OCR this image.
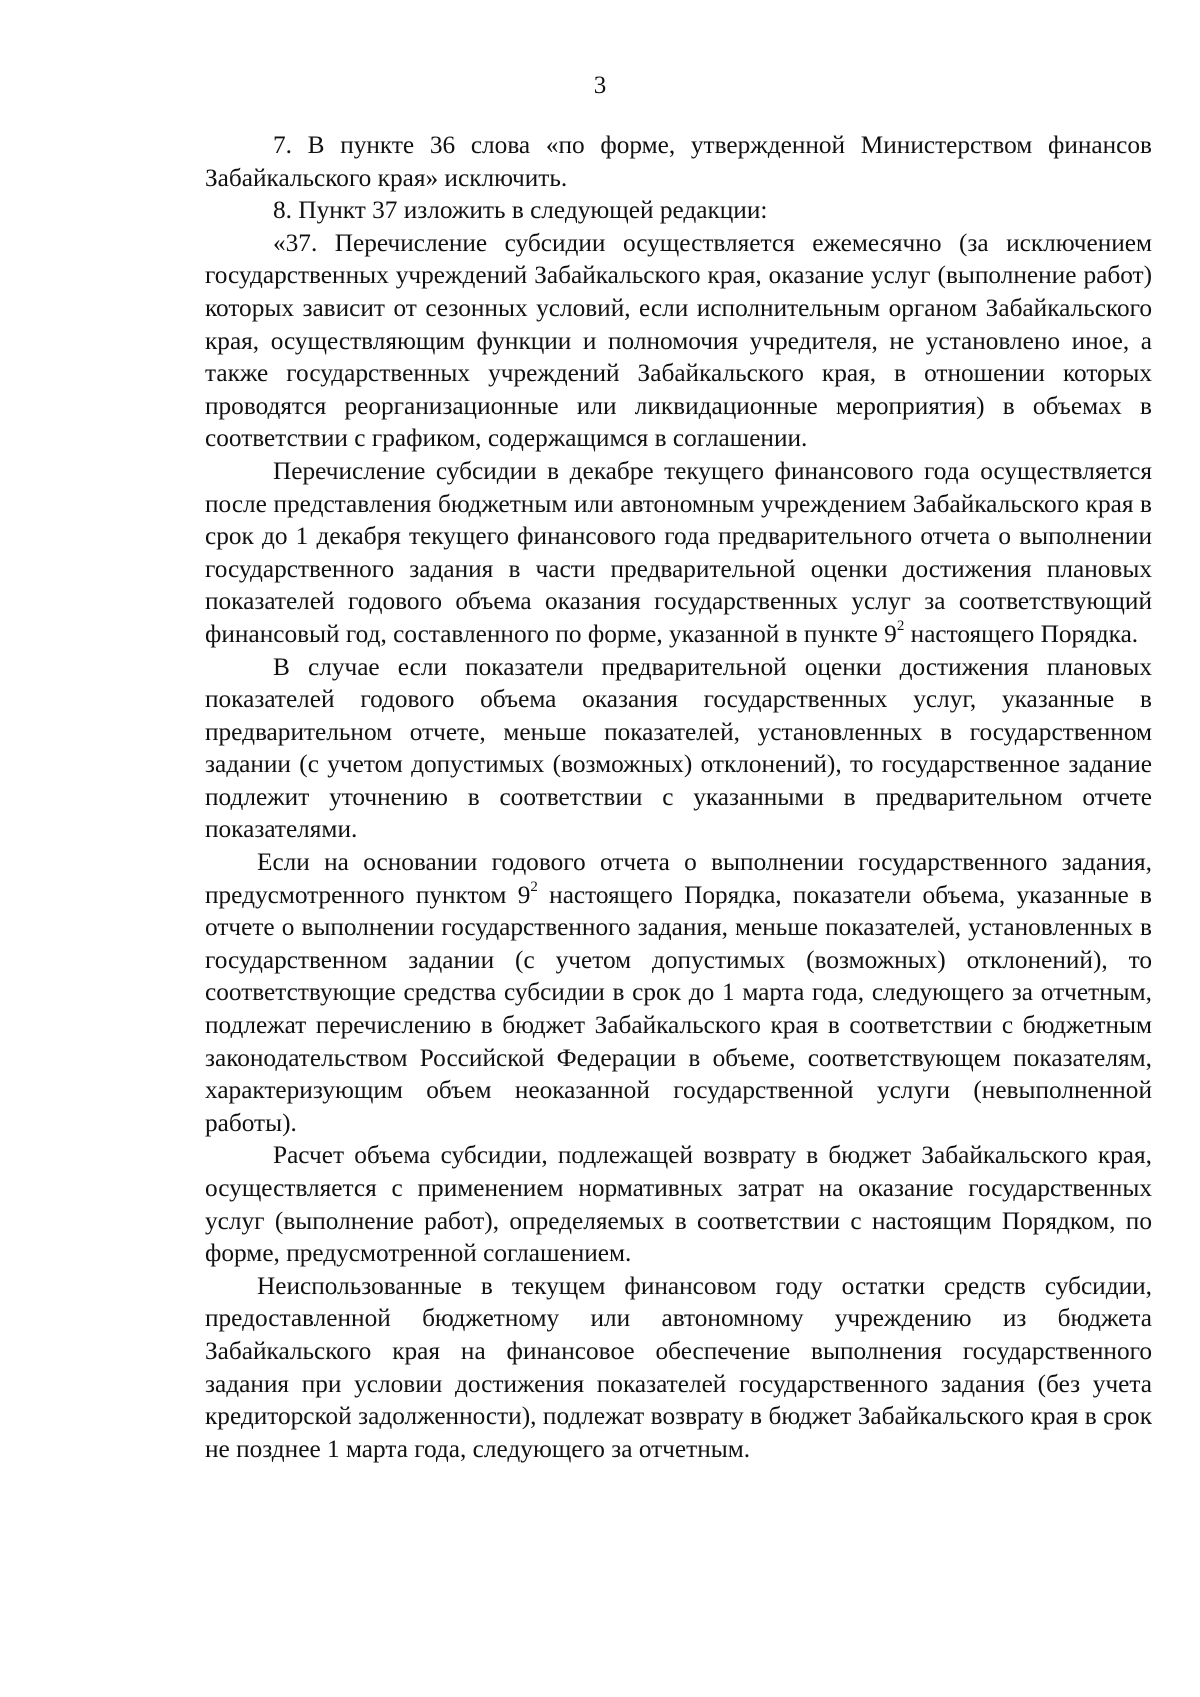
3

7. В пункте 36 слова «по форме, утвержденной Министерством финансов Забайкальского края» исключить.

8. Пункт 37 изложить в следующей редакции:

«37. Перечисление субсидии осуществляется ежемесячно (за исключением государственных учреждений Забайкальского края, оказание услуг (выполнение работ) которых зависит от сезонных условий, если исполнительным органом Забайкальского края, осуществляющим функции и полномочия учредителя, не установлено иное, а также государственных учреждений Забайкальского края, в отношении которых проводятся реорганизационные или ликвидационные мероприятия) в объемах в соответствии с графиком, содержащимся в соглашении.

Перечисление субсидии в декабре текущего финансового года осуществляется после представления бюджетным или автономным учреждением Забайкальского края в срок до 1 декабря текущего финансового года предварительного отчета о выполнении государственного задания в части предварительной оценки достижения плановых показателей годового объема оказания государственных услуг за соответствующий финансовый год, составленного по форме, указанной в пункте $9^2$ настоящего Порядка.

В случае если показатели предварительной оценки достижения плановых показателей годового объема оказания государственных услуг, указанные в предварительном отчете, меньше показателей, установленных в государственном задании (с учетом допустимых (возможных) отклонений), то государственное задание подлежит уточнению в соответствии с указанными в предварительном отчете показателями.

Если на основании годового отчета о выполнении государственного задания, предусмотренного пунктом $9^2$ настоящего Порядка, показатели объема, указанные в отчете о выполнении государственного задания, меньше показателей, установленных в государственном задании (с учетом допустимых (возможных) отклонений), то соответствующие средства субсидии в срок до 1 марта года, следующего за отчетным, подлежат перечислению в бюджет Забайкальского края в соответствии с бюджетным законодательством Российской Федерации в объеме, соответствующем показателям, характеризующим объем неоказанной государственной услуги (невыполненной работы).

Расчет объема субсидии, подлежащей возврату в бюджет Забайкальского края, осуществляется с применением нормативных затрат на оказание государственных услуг (выполнение работ), определяемых в соответствии с настоящим Порядком, по форме, предусмотренной соглашением.

Неиспользованные в текущем финансовом году остатки средств субсидии, предоставленной бюджетному или автономному учреждению из бюджета Забайкальского края на финансовое обеспечение выполнения государственного задания при условии достижения показателей государственного задания (без учета кредиторской задолженности), подлежат возврату в бюджет Забайкальского края в срок не позднее 1 марта года, следующего за отчетным.
